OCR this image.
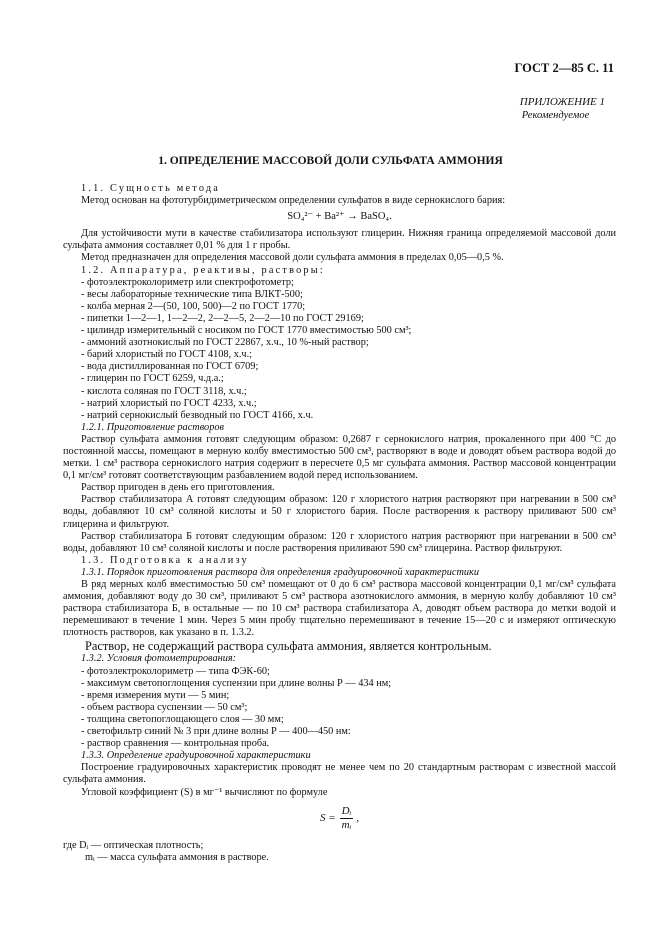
ГОСТ 2—85 С. 11
ПРИЛОЖЕНИЕ 1
Рекомендуемое
1. ОПРЕДЕЛЕНИЕ МАССОВОЙ ДОЛИ СУЛЬФАТА АММОНИЯ

1.1. Сущность метода

Метод основан на фототурбидиметрическом определении сульфатов в виде сернокислого бария:

SO₄²⁻ + Ba²⁺ → BaSO₄.

Для устойчивости мути в качестве стабилизатора используют глицерин. Нижняя граница определяемой массовой доли сульфата аммония составляет 0,01 % для 1 г пробы.

Метод предназначен для определения массовой доли сульфата аммония в пределах 0,05—0,5 %.

1.2. Аппаратура, реактивы, растворы:

- фотоэлектроколориметр или спектрофотометр;

- весы лабораторные технические типа ВЛКТ-500;

- колба мерная 2—(50, 100, 500)—2 по ГОСТ 1770;

- пипетки 1—2—1, 1—2—2, 2—2—5, 2—2—10 по ГОСТ 29169;

- цилиндр измерительный с носиком по ГОСТ 1770 вместимостью 500 см³;

- аммоний азотнокислый по ГОСТ 22867, х.ч., 10 %-ный раствор;

- барий хлористый по ГОСТ 4108, х.ч.;

- вода дистиллированная по ГОСТ 6709;

- глицерин по ГОСТ 6259, ч.д.а.;

- кислота соляная по ГОСТ 3118, х.ч.;

- натрий хлористый по ГОСТ 4233, х.ч.;

- натрий сернокислый безводный по ГОСТ 4166, х.ч.

1.2.1. Приготовление растворов

Раствор сульфата аммония готовят следующим образом: 0,2687 г сернокислого натрия, прокаленного при 400 °С до постоянной массы, помещают в мерную колбу вместимостью 500 см³, растворяют в воде и доводят объем раствора водой до метки. 1 см³ раствора сернокислого натрия содержит в пересчете 0,5 мг сульфата аммония. Раствор массовой концентрации 0,1 мг/см³ готовят соответствующим разбавлением водой перед использованием.

Раствор пригоден в день его приготовления.

Раствор стабилизатора А готовят следующим образом: 120 г хлористого натрия растворяют при нагревании в 500 см³ воды, добавляют 10 см³ соляной кислоты и 50 г хлористого бария. После растворения к раствору приливают 500 см³ глицерина и фильтруют.

Раствор стабилизатора Б готовят следующим образом: 120 г хлористого натрия растворяют при нагревании в 500 см³ воды, добавляют 10 см³ соляной кислоты и после растворения приливают 590 см³ глицерина. Раствор фильтруют.

1.3. Подготовка к анализу

1.3.1. Порядок приготовления раствора для определения градуировочной характеристики

В ряд мерных колб вместимостью 50 см³ помещают от 0 до 6 см³ раствора массовой концентрации 0,1 мг/см³ сульфата аммония, добавляют воду до 30 см³, приливают 5 см³ раствора азотнокислого аммония, в мерную колбу добавляют 10 см³ раствора стабилизатора Б, в остальные — по 10 см³ раствора стабилизатора А, доводят объем раствора до метки водой и перемешивают в течение 1 мин. Через 5 мин пробу тщательно перемешивают в течение 15—20 с и измеряют оптическую плотность растворов, как указано в п. 1.3.2.

Раствор, не содержащий раствора сульфата аммония, является контрольным.

1.3.2. Условия фотометрирования:

- фотоэлектроколориметр — типа ФЭК-60;

- максимум светопоглощения суспензии при длине волны Р — 434 нм;

- время измерения мути — 5 мин;

- объем раствора суспензии — 50 см³;

- толщина светопоглощающего слоя — 30 мм;

- светофильтр синий № 3 при длине волны Р — 400—450 нм:

- раствор сравнения — контрольная проба.

1.3.3. Определение градуировочной характеристики

Построение градуировочных характеристик проводят не менее чем по 20 стандартным растворам с известной массой сульфата аммония.

Угловой коэффициент (S) в мг⁻¹ вычисляют по формуле

$S = \frac{\text{Dᵢ}}{\text{mᵢ}}$ ,

где Dᵢ — оптическая плотность;

mᵢ — масса сульфата аммония в растворе.
